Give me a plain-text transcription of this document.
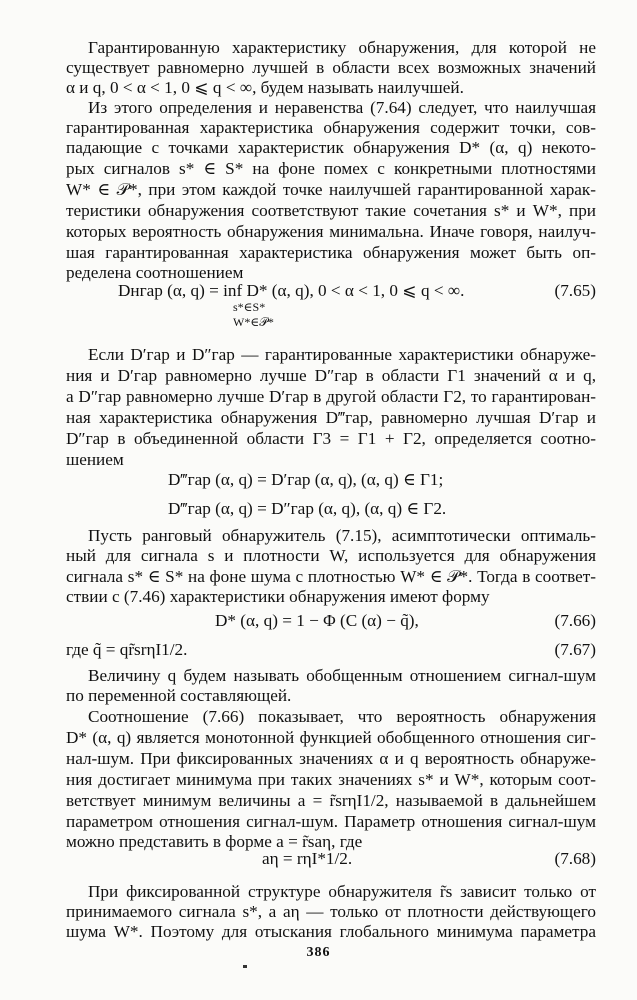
Гарантированную характеристику обнаружения, для которой не
существует равномерно лучшей в области всех возможных значений
α и q, 0 < α < 1, 0 ⩽ q < ∞, будем называть наилучшей.
Из этого определения и неравенства (7.64) следует, что наилучшая
гарантированная характеристика обнаружения содержит точки, сов-
падающие с точками характеристик обнаружения D* (α, q) некото-
рых сигналов s* ∈ S* на фоне помех с конкретными плотностями
W* ∈ 𝒫*, при этом каждой точке наилучшей гарантированной харак-
теристики обнаружения соответствуют такие сочетания s* и W*, при
которых вероятность обнаружения минимальна. Иначе говоря, наилуч-
шая гарантированная характеристика обнаружения может быть оп-
ределена соотношением
Dнгар (α, q) = inf D* (α, q), 0 < α < 1, 0 ⩽ q < ∞.
s*∈S*
W*∈𝒫*
(7.65)
Если D′гар и D″гар — гарантированные характеристики обнаруже-
ния и D′гар равномерно лучше D″гар в области Γ1 значений α и q,
а D″гар равномерно лучше D′гар в другой области Γ2, то гарантирован-
ная характеристика обнаружения D‴гар, равномерно лучшая D′гар и
D″гар в объединенной области Γ3 = Γ1 + Γ2, определяется соотно-
шением
D‴гар (α, q) = D′гар (α, q), (α, q) ∈ Γ1;
D‴гар (α, q) = D″гар (α, q), (α, q) ∈ Γ2.
Пусть ранговый обнаружитель (7.15), асимптотически оптималь-
ный для сигнала s и плотности W, используется для обнаружения
сигнала s* ∈ S* на фоне шума с плотностью W* ∈ 𝒫*. Тогда в соответ-
ствии с (7.46) характеристики обнаружения имеют форму
D* (α, q) = 1 − Φ (C (α) − q̃),	(7.66)
где q̃ = qr̃srηI1/2.	(7.67)
Величину q будем называть обобщенным отношением сигнал-шум
по переменной составляющей.
Соотношение (7.66) показывает, что вероятность обнаружения
D* (α, q) является монотонной функцией обобщенного отношения сиг-
нал-шум. При фиксированных значениях α и q вероятность обнаруже-
ния достигает минимума при таких значениях s* и W*, которым соот-
ветствует минимум величины a = r̃srηI1/2, называемой в дальнейшем
параметром отношения сигнал-шум. Параметр отношения сигнал-шум
можно представить в форме a = r̃saη, где
aη = rηI*1/2.	(7.68)
При фиксированной структуре обнаружителя r̃s зависит только от
принимаемого сигнала s*, а aη — только от плотности действующего
шума W*. Поэтому для отыскания глобального минимума параметра
386
